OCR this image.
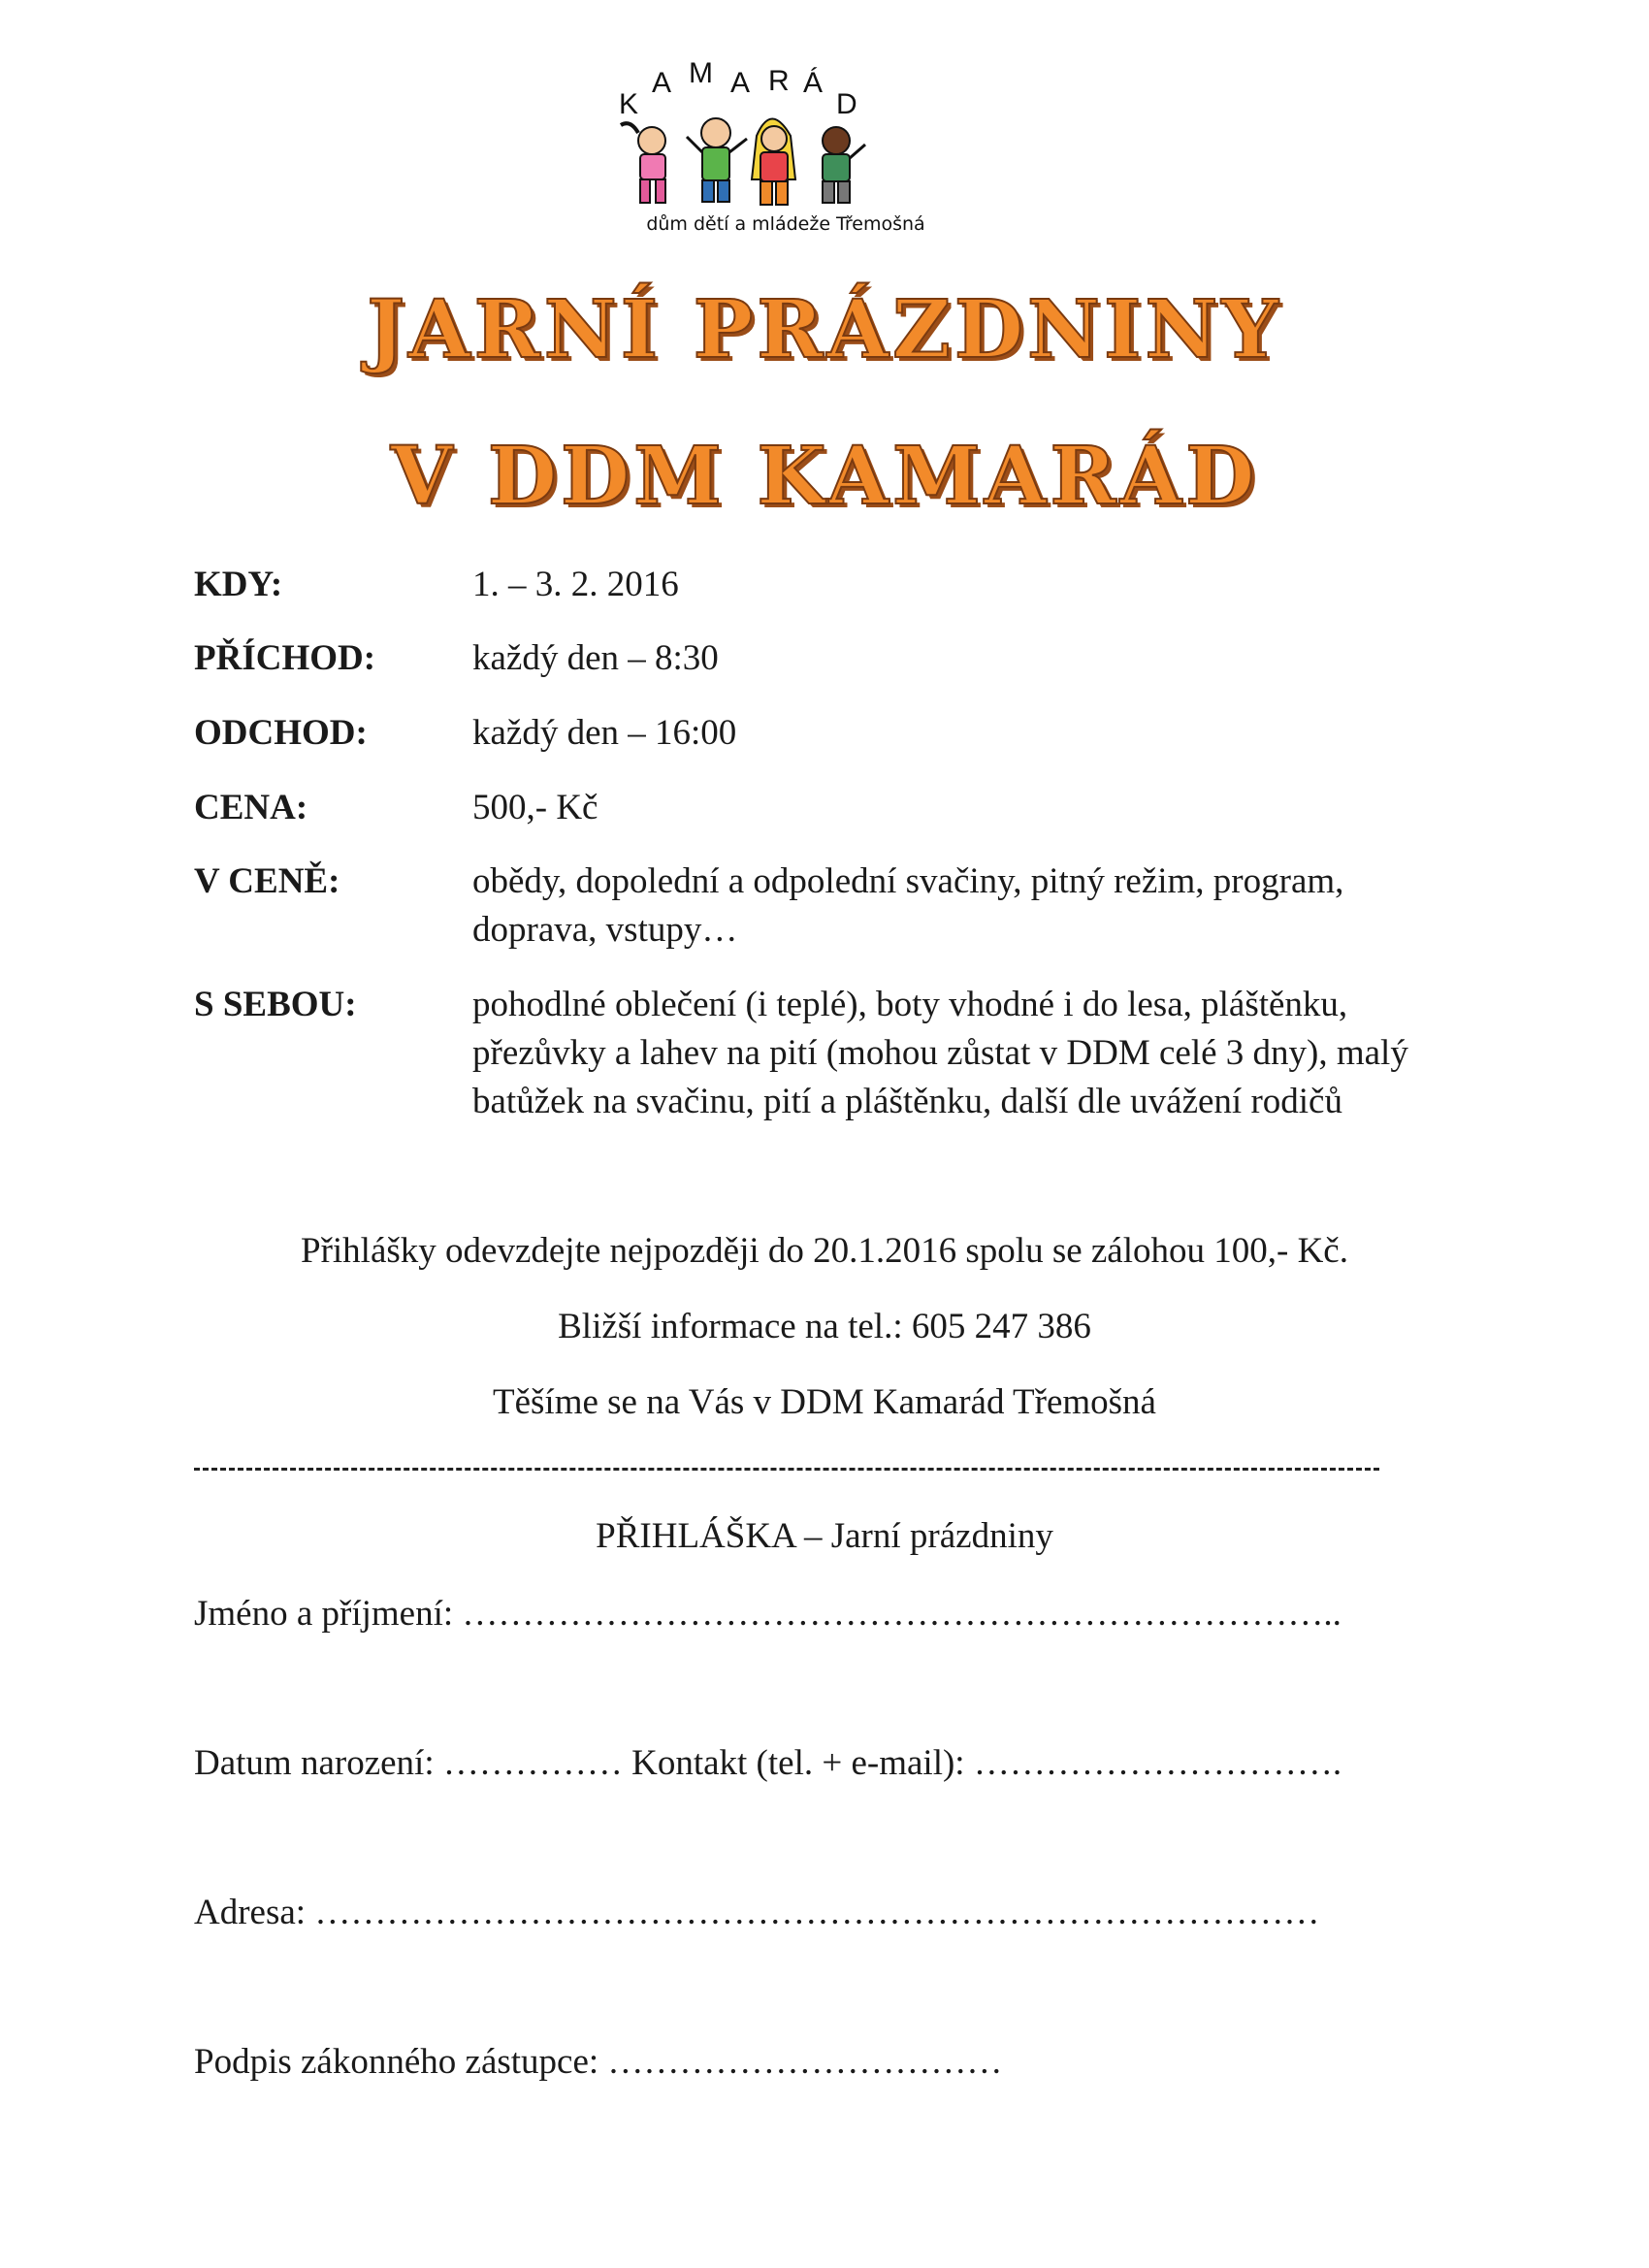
K
A M A R Á
D
dům dětí a mládeže Třemošná
JARNÍ PRÁZDNINY
V DDM KAMARÁD
KDY:	1. – 3. 2. 2016
PŘÍCHOD:	každý den – 8:30
ODCHOD:	každý den – 16:00
CENA:	500,- Kč
V CENĚ:	obědy, dopolední a odpolední svačiny, pitný režim, program, doprava, vstupy…
S SEBOU:	pohodlné oblečení (i teplé), boty vhodné i do lesa, pláštěnku, přezůvky a lahev na pití (mohou zůstat v DDM celé 3 dny), malý batůžek na svačinu, pití a pláštěnku, další dle uvážení rodičů
Přihlášky odevzdejte nejpozději do 20.1.2016 spolu se zálohou 100,- Kč.
Bližší informace na tel.: 605 247 386
Těšíme se na Vás v DDM Kamarád Třemošná
PŘIHLÁŠKA – Jarní prázdniny
Jméno a příjmení: ………………………………………………………………..
Datum narození: …………… Kontakt (tel. + e-mail): ………………………….
Adresa: …………………………………………………………………………
Podpis zákonného zástupce: ……………………………
